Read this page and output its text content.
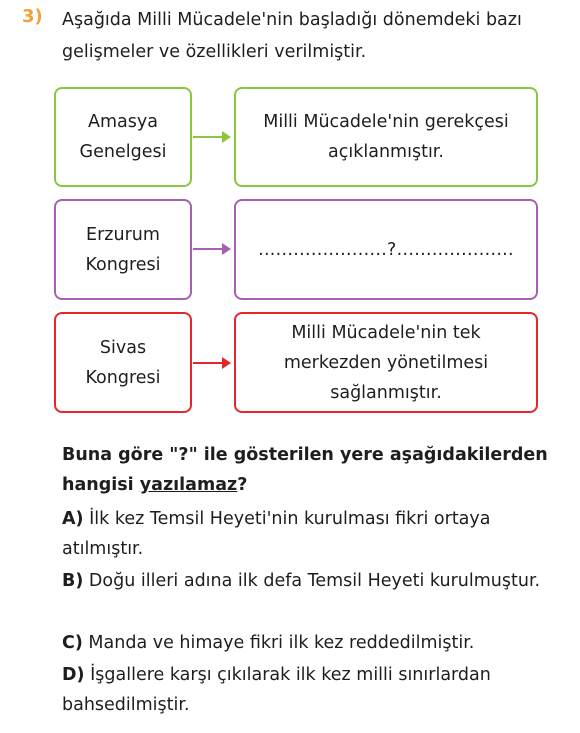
3) Aşağıda Milli Mücadele'nin başladığı dönemdeki bazı gelişmeler ve özellikleri verilmiştir.
Amasya
Genelgesi
Milli Mücadele'nin gerekçesi açıklanmıştır.
Erzurum
Kongresi
......................?....................
Sivas
Kongresi
Milli Mücadele'nin tek merkezden yönetilmesi sağlanmıştır.
Buna göre "?" ile gösterilen yere aşağıdakilerden hangisi yazılamaz?
A) İlk kez Temsil Heyeti'nin kurulması fikri ortaya atılmıştır.
B) Doğu illeri adına ilk defa Temsil Heyeti kurulmuştur.
C) Manda ve himaye fikri ilk kez reddedilmiştir.
D) İşgallere karşı çıkılarak ilk kez milli sınırlardan bahsedilmiştir.
